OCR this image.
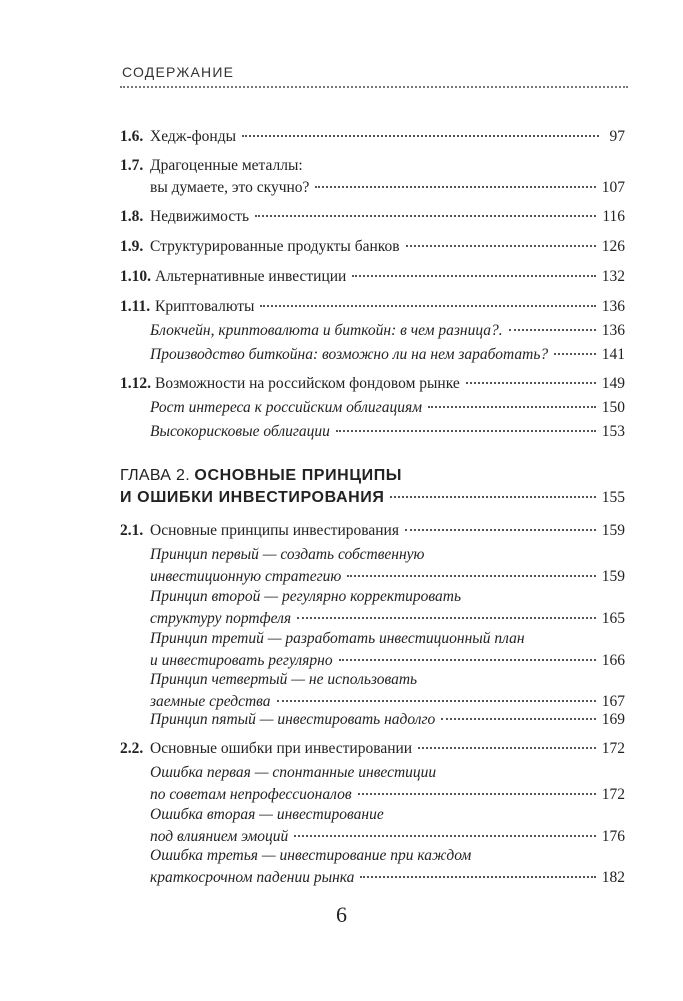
СОДЕРЖАНИЕ
1.6. Хедж-фонды	97
1.7. Драгоценные металлы:
вы думаете, это скучно?	107
1.8. Недвижимость	116
1.9. Структурированные продукты банков	126
1.10. Альтернативные инвестиции	132
1.11. Криптовалюты	136
Блокчейн, криптовалюта и биткойн: в чем разница?.	136
Производство биткойна: возможно ли на нем заработать?	141
1.12. Возможности на российском фондовом рынке	149
Рост интереса к российским облигациям	150
Высокорисковые облигации	153
ГЛАВА 2.
ОСНОВНЫЕ ПРИНЦИПЫ
И ОШИБКИ ИНВЕСТИРОВАНИЯ	155
2.1. Основные принципы инвестирования	159
Принцип первый — создать собственную
инвестиционную стратегию	159
Принцип второй — регулярно корректировать
структуру портфеля	165
Принцип третий — разработать инвестиционный план
и инвестировать регулярно	166
Принцип четвертый — не использовать
заемные средства	167
Принцип пятый — инвестировать надолго	169
2.2. Основные ошибки при инвестировании	172
Ошибка первая — спонтанные инвестиции
по советам непрофессионалов	172
Ошибка вторая — инвестирование
под влиянием эмоций	176
Ошибка третья — инвестирование при каждом
краткосрочном падении рынка	182
6
